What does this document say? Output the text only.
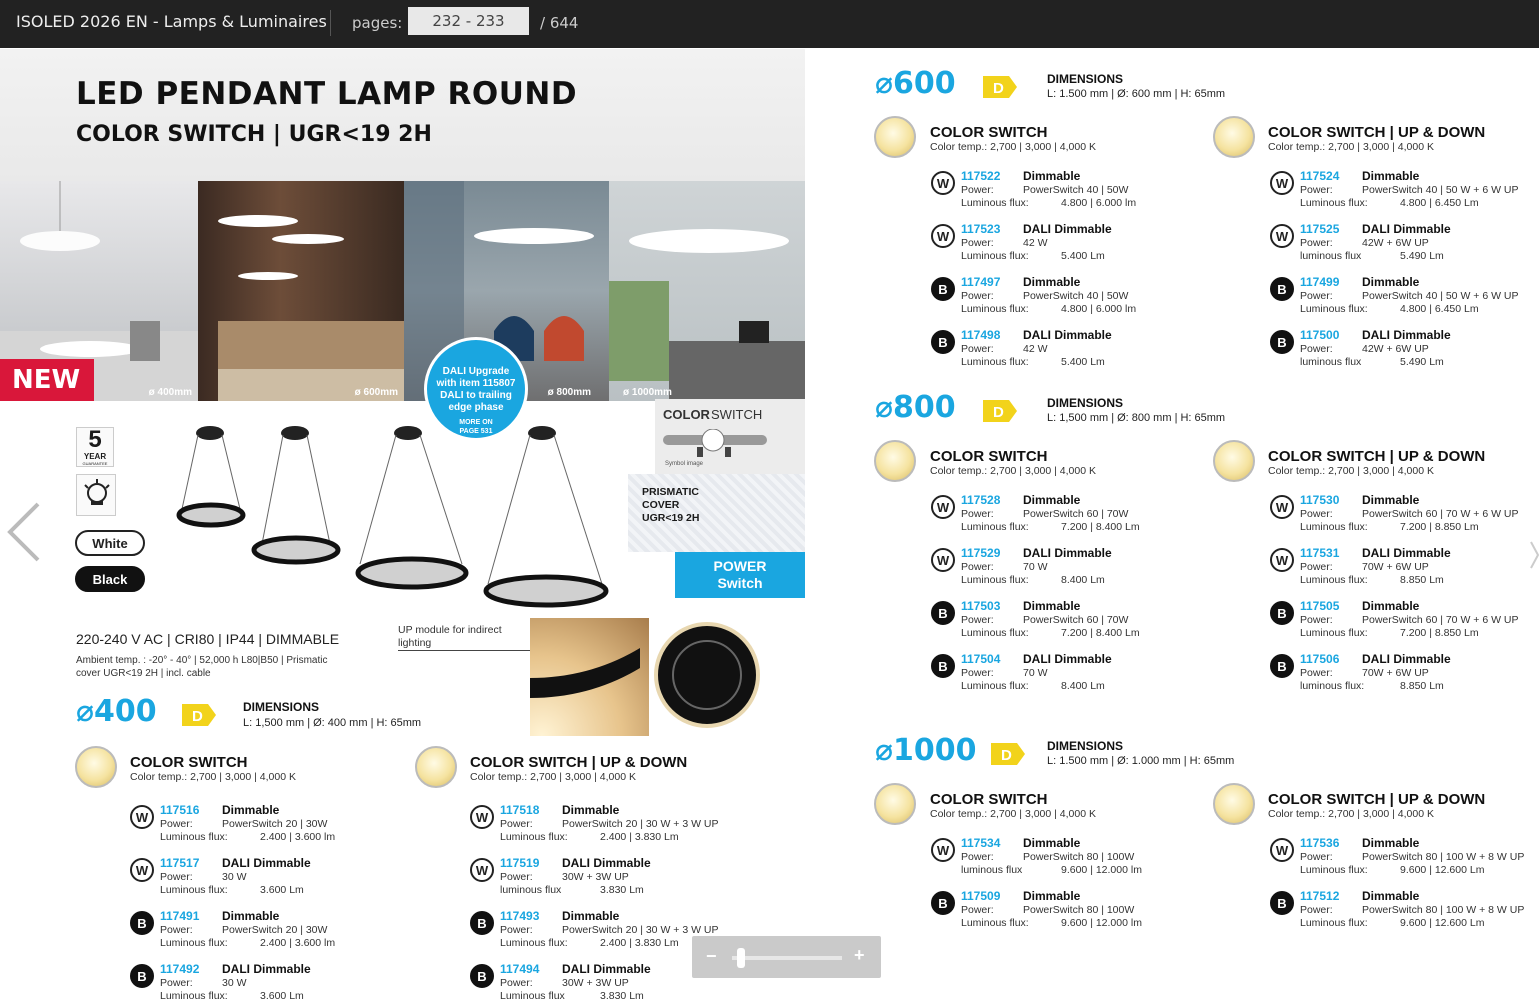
ISOLED 2026 EN - Lamps & Luminaires pages:
232 - 233	/ 644
LED PENDANT LAMP ROUND
COLOR SWITCH | UGR<19 2H
ø 400mm	ø 600mm	ø 800mm	ø 1000mm
NEW	DALI Upgrade
with item 115807
DALI to trailing
edge phase
MORE ON
PAGE 531
5
YEAR
GUARANTEE
White
Black
COLOR SWITCH
Symbol image
PRISMATIC
COVER
UGR<19 2H
POWER
Switch
220-240 V AC | CRI80 | IP44 | DIMMABLE
Ambient temp. : -20° - 40° | 52,000 h L80|B50 | Prismatic
cover UGR<19 2H | incl. cable
UP module for indirect
lighting
⌀400 D
DIMENSIONS
L: 1,500 mm | Ø: 400 mm | H: 65mm
COLOR SWITCH
Color temp.: 2,700 | 3,000 | 4,000 K
COLOR SWITCH | UP & DOWN
Color temp.: 2,700 | 3,000 | 4,000 K
W 117516 Dimmable
Power:	PowerSwitch 20 | 30W
Luminous flux:	2.400 | 3.600 lm
W 117517 DALI Dimmable
Power:	30 W
Luminous flux:	3.600 Lm
B	117491 Dimmable
Power:	PowerSwitch 20 | 30W
Luminous flux:	2.400 | 3.600 lm
B	117492 DALI Dimmable
Power:	30 W
Luminous flux:	3.600 Lm
W 117518 Dimmable
Power:	PowerSwitch 20 | 30 W + 3 W UP
Luminous flux:	2.400 | 3.830 Lm
W 117519 DALI Dimmable
Power:	30W + 3W UP
luminous flux	3.830 Lm
B	117493 Dimmable
Power:	PowerSwitch 20 | 30 W + 3 W UP
Luminous flux:	2.400 | 3.830 Lm
B	117494 DALI Dimmable
Power:	30W + 3W UP
Luminous flux	3.830 Lm
⌀600 D
DIMENSIONS
L: 1.500 mm | Ø: 600 mm | H: 65mm
COLOR SWITCH
Color temp.: 2,700 | 3,000 | 4,000 K
COLOR SWITCH | UP & DOWN
Color temp.: 2,700 | 3,000 | 4,000 K
W 117522 Dimmable
Power:	PowerSwitch 40 | 50W
Luminous flux:	4.800 | 6.000 lm
W 117523 DALI Dimmable
Power:	42 W
Luminous flux:	5.400 Lm
B	117497 Dimmable
Power:	PowerSwitch 40 | 50W
Luminous flux:	4.800 | 6.000 lm
B	117498 DALI Dimmable
Power:	42 W
Luminous flux:	5.400 Lm
W 117524 Dimmable
Power:	PowerSwitch 40 | 50 W + 6 W UP
Luminous flux:	4.800 | 6.450 Lm
W 117525 DALI Dimmable
Power:	42W + 6W UP
luminous flux	5.490 Lm
B	117499 Dimmable
Power:	PowerSwitch 40 | 50 W + 6 W UP
Luminous flux:	4.800 | 6.450 Lm
B	117500 DALI Dimmable
Power:	42W + 6W UP
luminous flux	5.490 Lm
⌀800 D
DIMENSIONS
L: 1,500 mm | Ø: 800 mm | H: 65mm
COLOR SWITCH
Color temp.: 2,700 | 3,000 | 4,000 K
COLOR SWITCH | UP & DOWN
Color temp.: 2,700 | 3,000 | 4,000 K
W 117528 Dimmable
Power:	PowerSwitch 60 | 70W
Luminous flux:	7.200 | 8.400 Lm
W 117529 DALI Dimmable
Power:	70 W
Luminous flux:	8.400 Lm
B	117503 Dimmable
Power:	PowerSwitch 60 | 70W
Luminous flux:	7.200 | 8.400 Lm
B	117504 DALI Dimmable
Power:	70 W
Luminous flux:	8.400 Lm
W 117530 Dimmable
Power:	PowerSwitch 60 | 70 W + 6 W UP
Luminous flux:	7.200 | 8.850 Lm
W 117531 DALI Dimmable
Power:	70W + 6W UP
Luminous flux:	8.850 Lm
B	117505 Dimmable
Power:	PowerSwitch 60 | 70 W + 6 W UP
Luminous flux:	7.200 | 8.850 Lm
B	117506 DALI Dimmable
Power:	70W + 6W UP
luminous flux:	8.850 Lm
⌀1000 D
DIMENSIONS
L: 1.500 mm | Ø: 1.000 mm | H: 65mm
COLOR SWITCH
Color temp.: 2,700 | 3,000 | 4,000 K
COLOR SWITCH | UP & DOWN
Color temp.: 2,700 | 3,000 | 4,000 K
W 117534 Dimmable
Power:	PowerSwitch 80 | 100W
luminous flux	9.600 | 12.000 lm
B	117509 Dimmable
Power:	PowerSwitch 80 | 100W
Luminous flux:	9.600 | 12.000 lm
W 117536 Dimmable
Power:	PowerSwitch 80 | 100 W + 8 W UP
Luminous flux:	9.600 | 12.600 Lm
B	117512 Dimmable
Power:	PowerSwitch 80 | 100 W + 8 W UP
Luminous flux:	9.600 | 12.600 Lm
−	+
